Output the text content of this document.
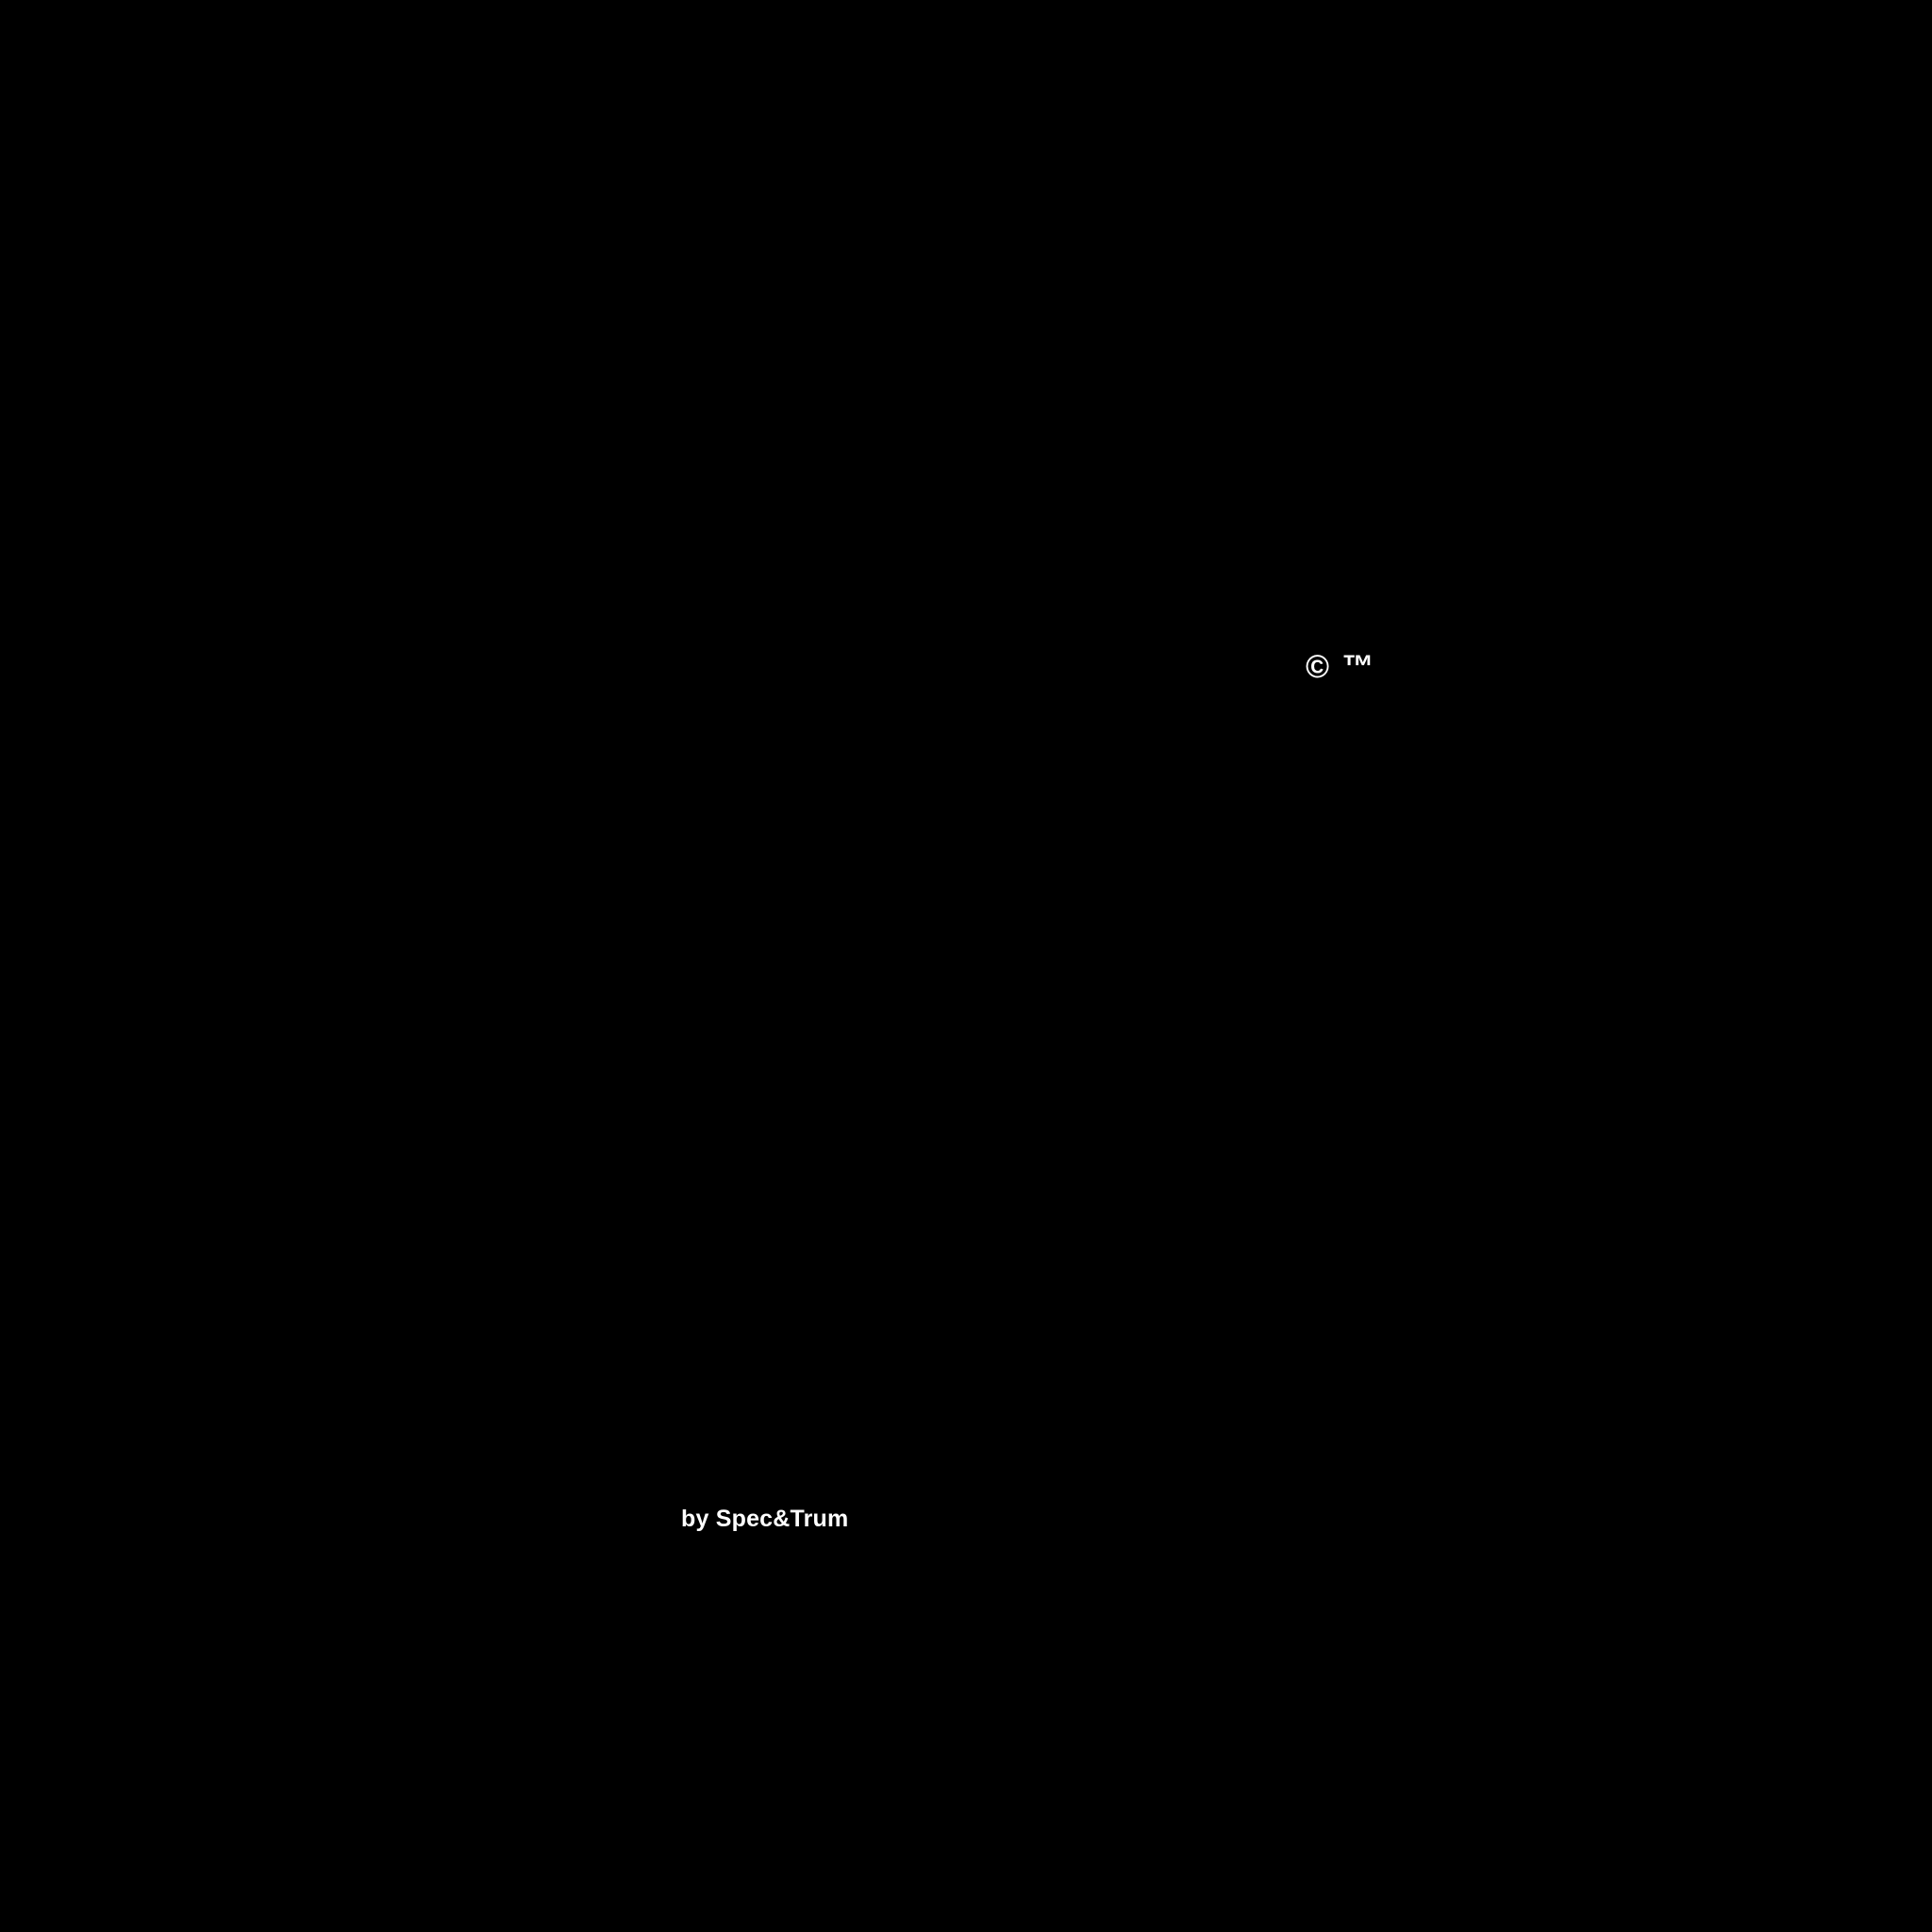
© ™
by Spec&Trum
